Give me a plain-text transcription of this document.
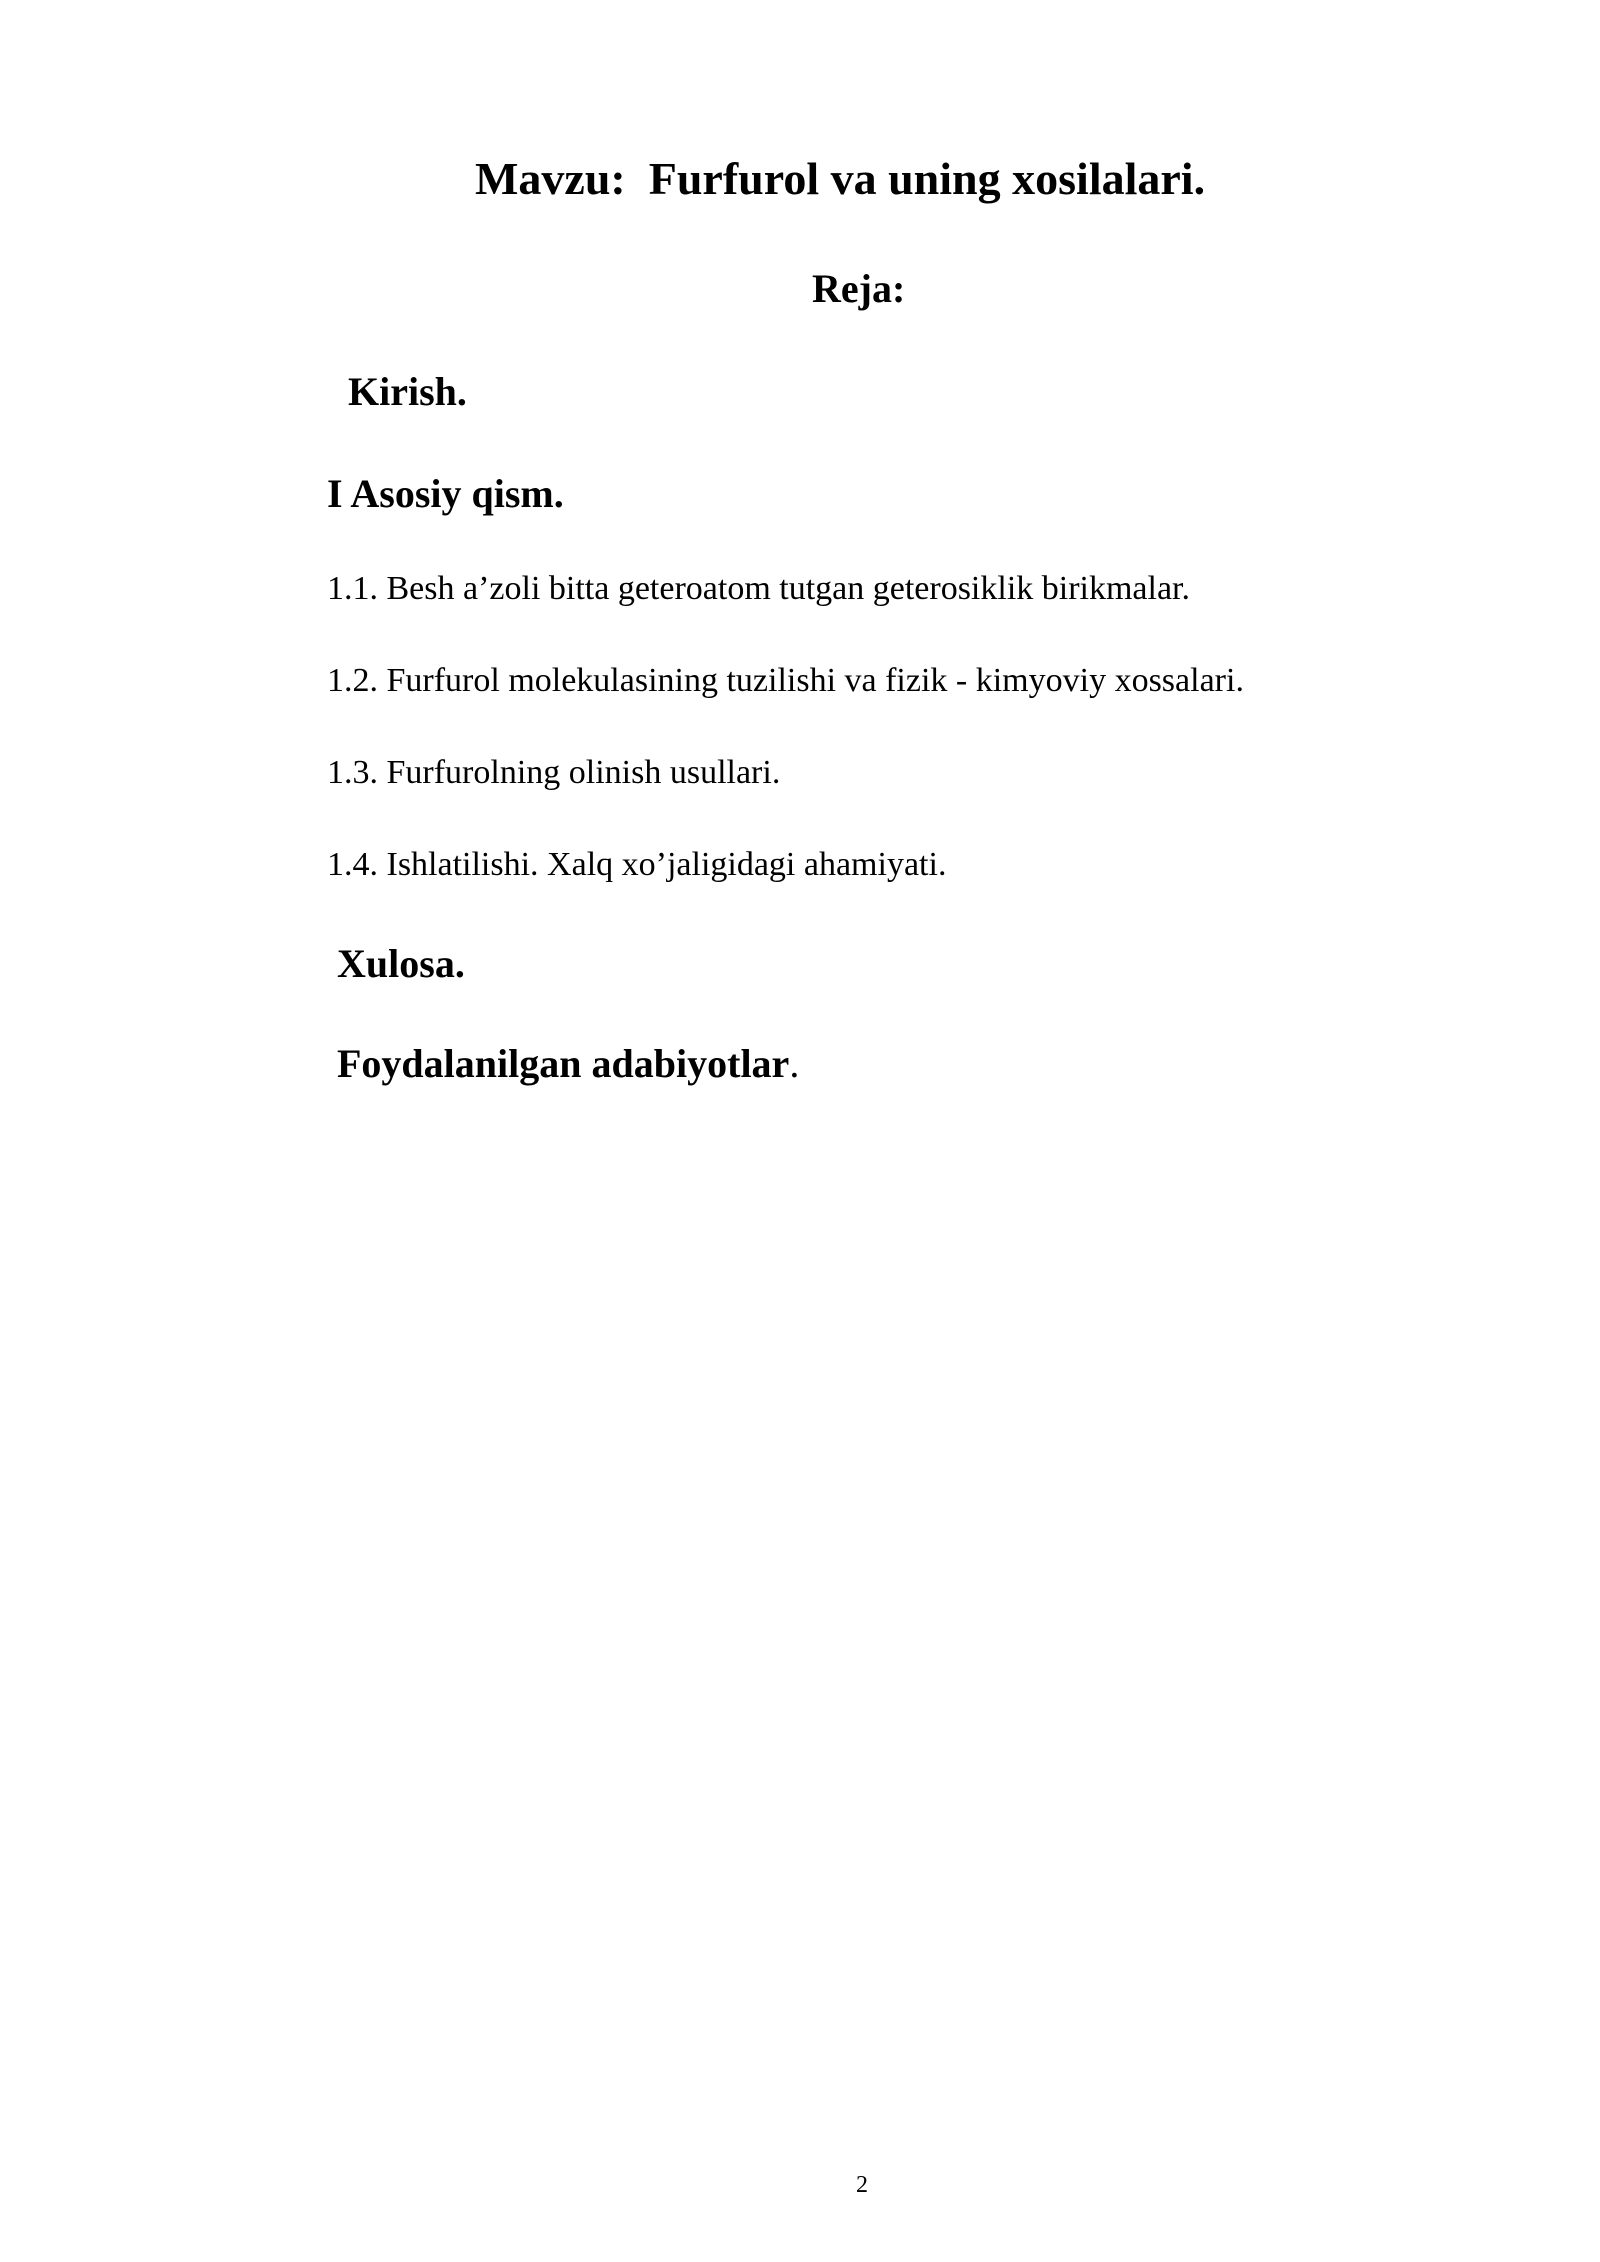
Mavzu:  Furfurol va uning xosilalari.
Reja:
Kirish.
I Asosiy qism.
1.1. Besh a’zoli bitta geteroatom tutgan geterosiklik birikmalar.
1.2. Furfurol molekulasining tuzilishi va fizik - kimyoviy xossalari.
1.3. Furfurolning olinish usullari.
1.4. Ishlatilishi. Xalq xo’jaligidagi ahamiyati.
Xulosa.
Foydalanilgan adabiyotlar.
2
